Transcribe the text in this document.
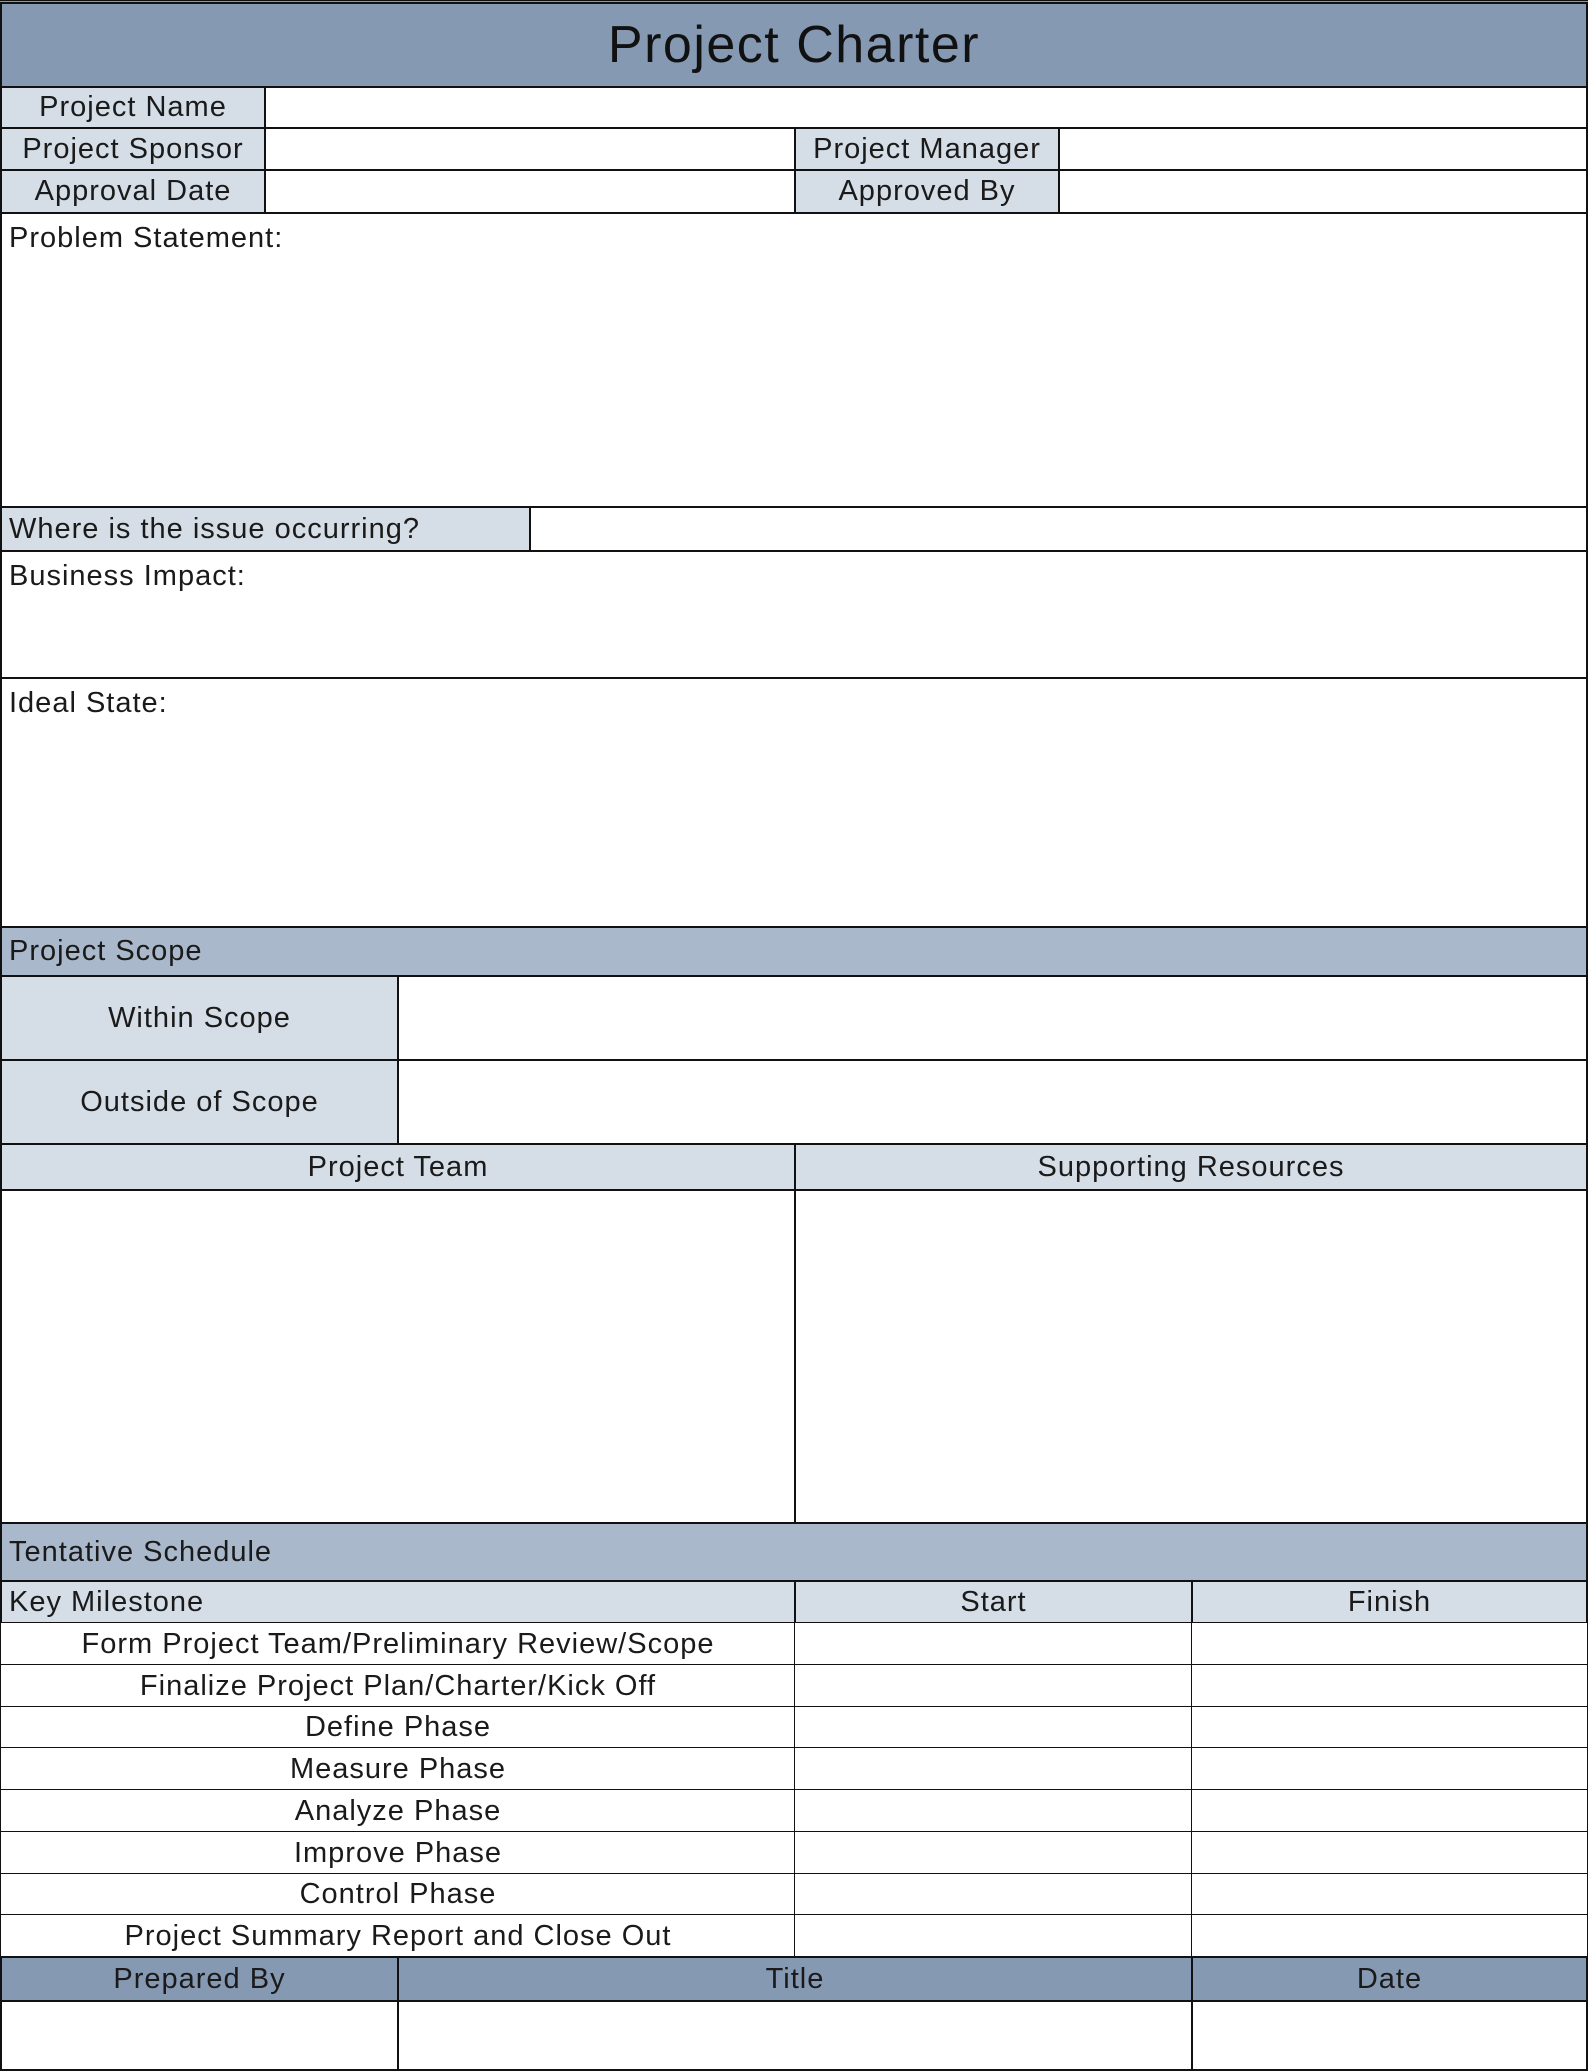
Project Charter
Project Name
Project Sponsor	Project Manager
Approval Date	Approved By
Problem Statement:
Where is the issue occurring?
Business Impact:
Ideal State:
Project Scope
Within Scope
Outside of Scope
Project Team	Supporting Resources
Tentative Schedule
Key Milestone	Start	Finish
Form Project Team/Preliminary Review/Scope
Finalize Project Plan/Charter/Kick Off
Define Phase
Measure Phase
Analyze Phase
Improve Phase
Control Phase
Project Summary Report and Close Out
Prepared By	Title	Date
